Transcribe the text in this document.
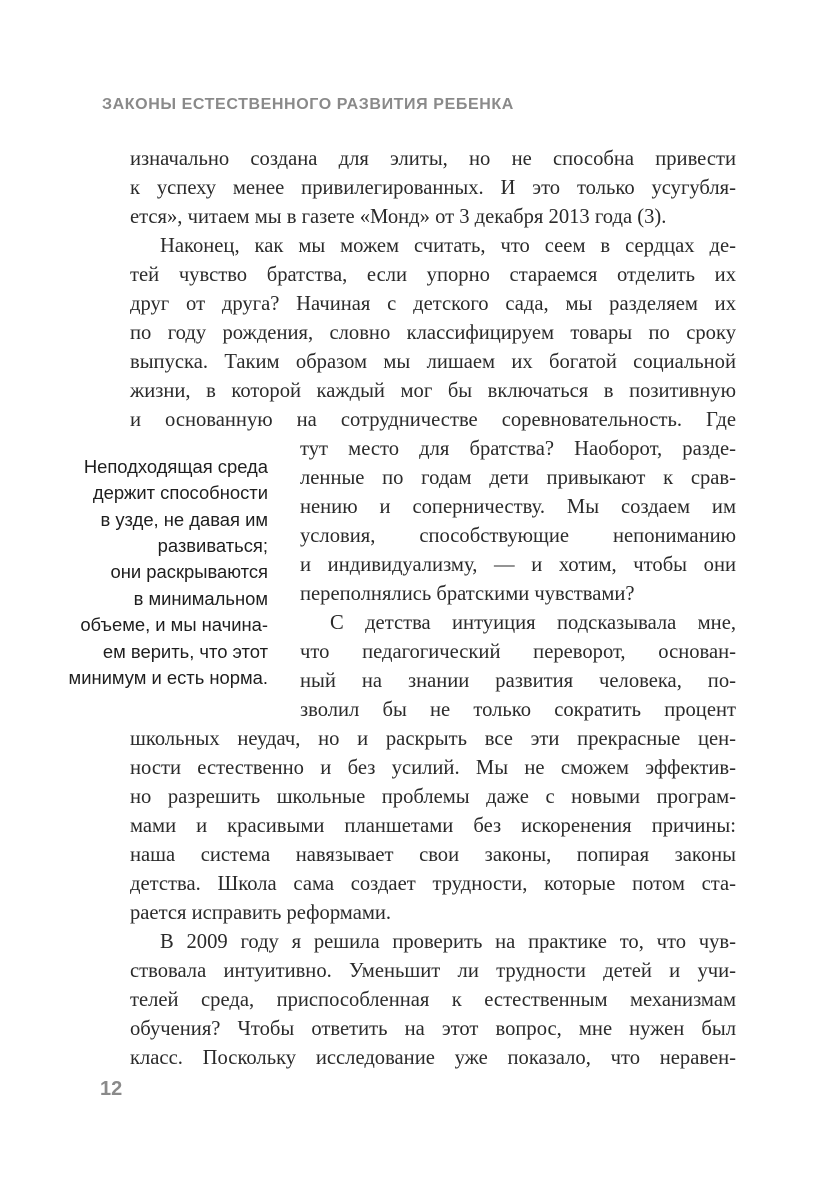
ЗАКОНЫ ЕСТЕСТВЕННОГО РАЗВИТИЯ РЕБЕНКА
изначально создана для элиты, но не способна привести
к успеху менее привилегированных. И это только усугубля-
ется», читаем мы в газете «Монд» от 3 декабря 2013 года (3).
Наконец, как мы можем считать, что сеем в сердцах де-
тей чувство братства, если упорно стараемся отделить их
друг от друга? Начиная с детского сада, мы разделяем их
по году рождения, словно классифицируем товары по сроку
выпуска. Таким образом мы лишаем их богатой социальной
жизни, в которой каждый мог бы включаться в позитивную
и основанную на сотрудничестве соревновательность. Где
тут место для братства? Наоборот, разде-
ленные по годам дети привыкают к срав-
нению и соперничеству. Мы создаем им
условия, способствующие непониманию
и индивидуализму, — и хотим, чтобы они
переполнялись братскими чувствами?
С детства интуиция подсказывала мне,
что педагогический переворот, основан-
ный на знании развития человека, по-
зволил бы не только сократить процент
школьных неудач, но и раскрыть все эти прекрасные цен-
ности естественно и без усилий. Мы не сможем эффектив-
но разрешить школьные проблемы даже с новыми програм-
мами и красивыми планшетами без искоренения причины:
наша система навязывает свои законы, попирая законы
детства. Школа сама создает трудности, которые потом ста-
рается исправить реформами.
В 2009 году я решила проверить на практике то, что чув-
ствовала интуитивно. Уменьшит ли трудности детей и учи-
телей среда, приспособленная к естественным механизмам
обучения? Чтобы ответить на этот вопрос, мне нужен был
класс. Поскольку исследование уже показало, что неравен-
Неподходящая среда
держит способности
в узде, не давая им
развиваться;
они раскрываются
в минимальном
объеме, и мы начина-
ем верить, что этот
минимум и есть норма.
12
